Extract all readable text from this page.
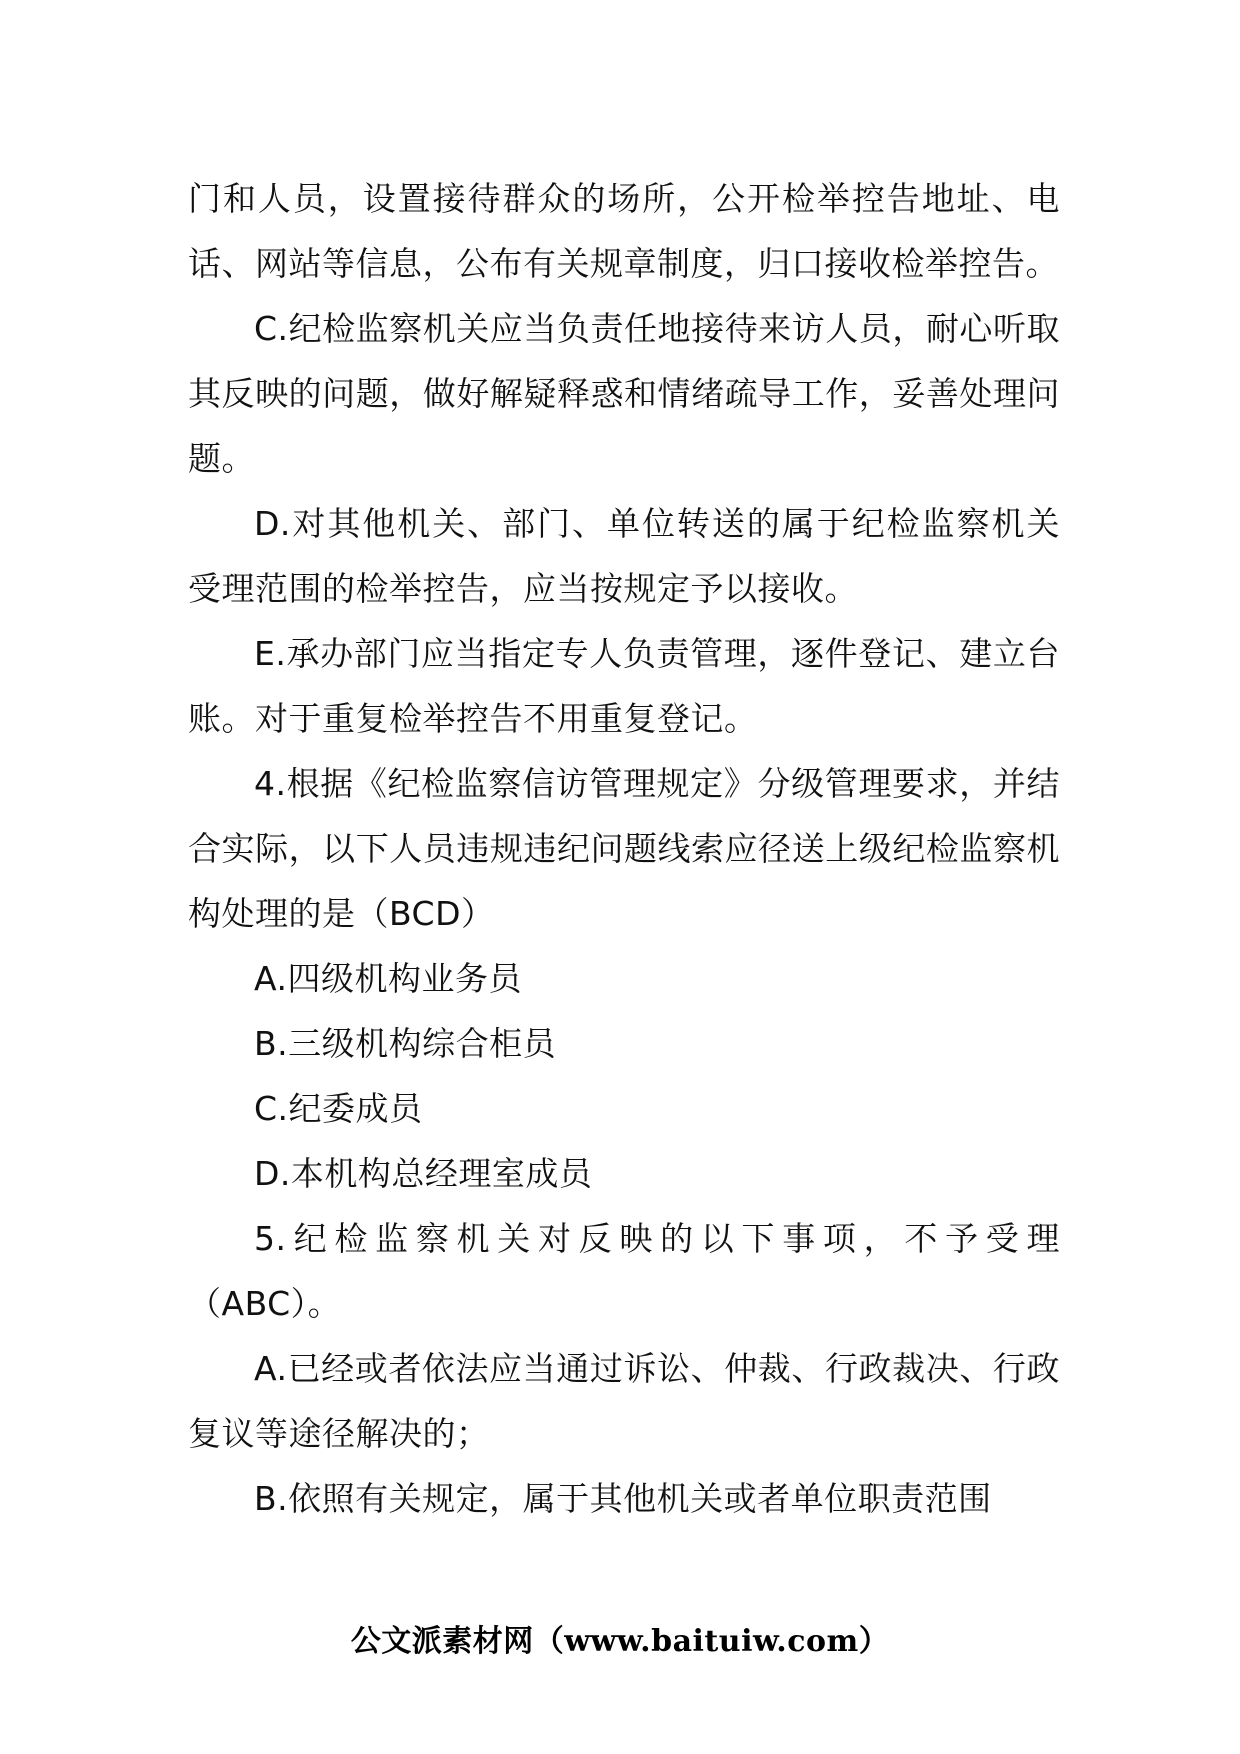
门和人员，设置接待群众的场所，公开检举控告地址、电话、网站等信息，公布有关规章制度，归口接收检举控告。

C.纪检监察机关应当负责任地接待来访人员，耐心听取其反映的问题，做好解疑释惑和情绪疏导工作，妥善处理问题。

D.对其他机关、部门、单位转送的属于纪检监察机关受理范围的检举控告，应当按规定予以接收。

E.承办部门应当指定专人负责管理，逐件登记、建立台账。对于重复检举控告不用重复登记。

4.根据《纪检监察信访管理规定》分级管理要求，并结合实际，以下人员违规违纪问题线索应径送上级纪检监察机构处理的是（BCD）

A.四级机构业务员

B.三级机构综合柜员

C.纪委成员

D.本机构总经理室成员

5.纪检监察机关对反映的以下事项，不予受理（ABC）。

A.已经或者依法应当通过诉讼、仲裁、行政裁决、行政复议等途径解决的；

B.依照有关规定，属于其他机关或者单位职责范围

公文派素材网（www.baituiw.com）
